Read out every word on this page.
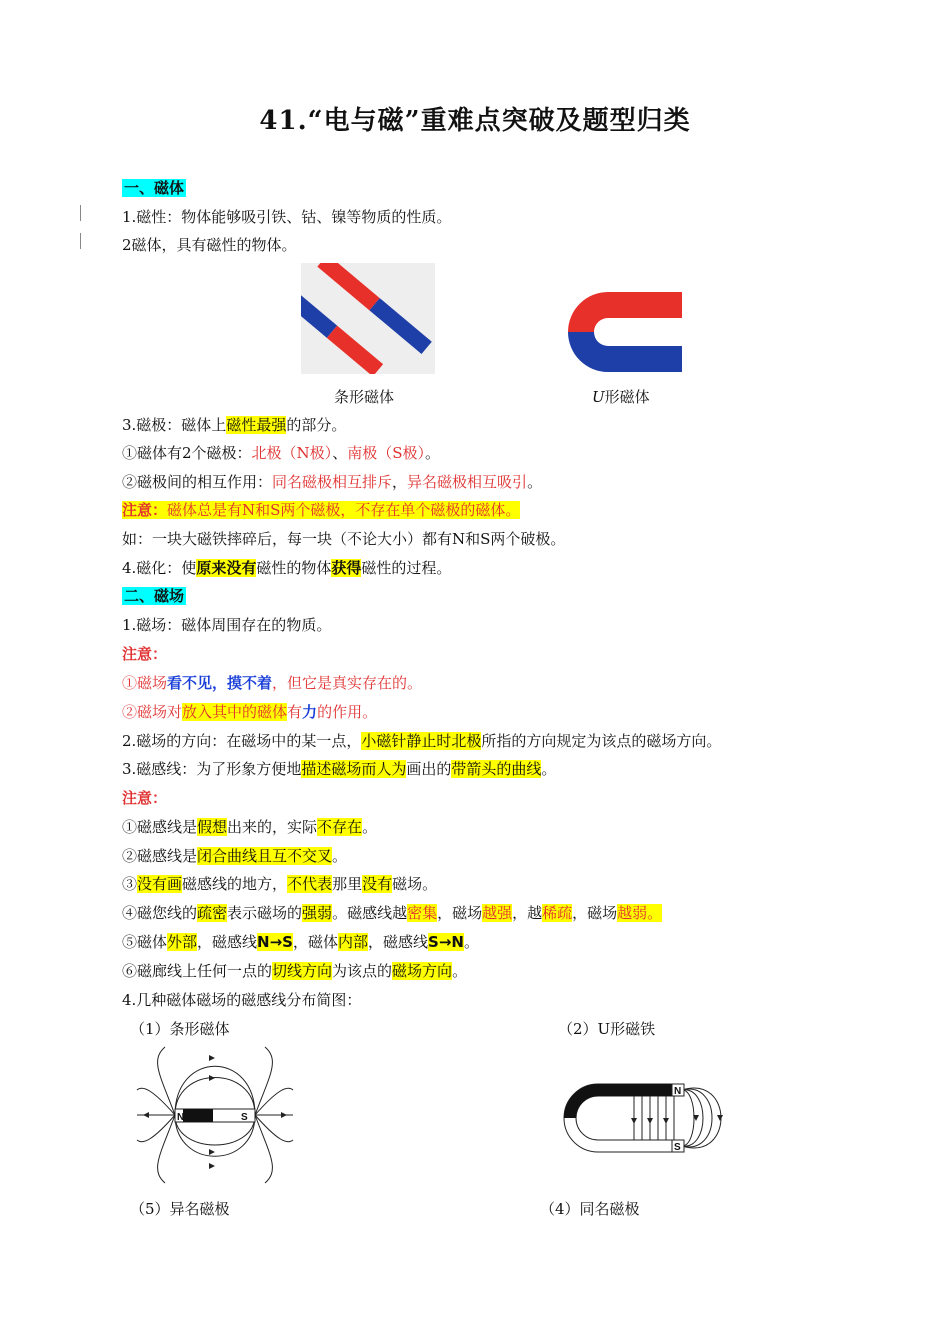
41.“电与磁”重难点突破及题型归类
一、磁体
1.磁性：物体能够吸引铁、钴、镍等物质的性质。
2磁体，具有磁性的物体。
条形磁体	U形磁体
3.磁极：磁体上磁性最强的部分。
①磁体有2个磁极：北极（N极）、南极（S极）。
②磁极间的相互作用：同名磁极相互排斥，异名磁极相互吸引。
注意：磁体总是有N和S两个磁极，不存在单个磁极的磁体。
如：一块大磁铁摔碎后，每一块（不论大小）都有N和S两个破极。
4.磁化：使原来没有磁性的物体获得磁性的过程。
二、磁场
1.磁场：磁体周围存在的物质。
注意：
①磁场看不见，摸不着，但它是真实存在的。
②磁场对放入其中的磁体有力的作用。
2.磁场的方向：在磁场中的某一点，小磁针静止时北极所指的方向规定为该点的磁场方向。
3.磁感线：为了形象方便地描述磁场而人为画出的带箭头的曲线。
注意：
①磁感线是假想出来的，实际不存在。
②磁感线是闭合曲线且互不交叉。
③没有画磁感线的地方，不代表那里没有磁场。
④磁您线的疏密表示磁场的强弱。磁感线越密集，磁场越强，越稀疏，磁场越弱。
⑤磁体外部，磁感线N→S，磁体内部，磁感线S→N。
⑥磁廊线上任何一点的切线方向为该点的磁场方向。
4.几种磁体磁场的磁感线分布简图：
（1）条形磁体	（2）U形磁铁
N	S
N
S
（5）异名磁极	（4）同名磁极
